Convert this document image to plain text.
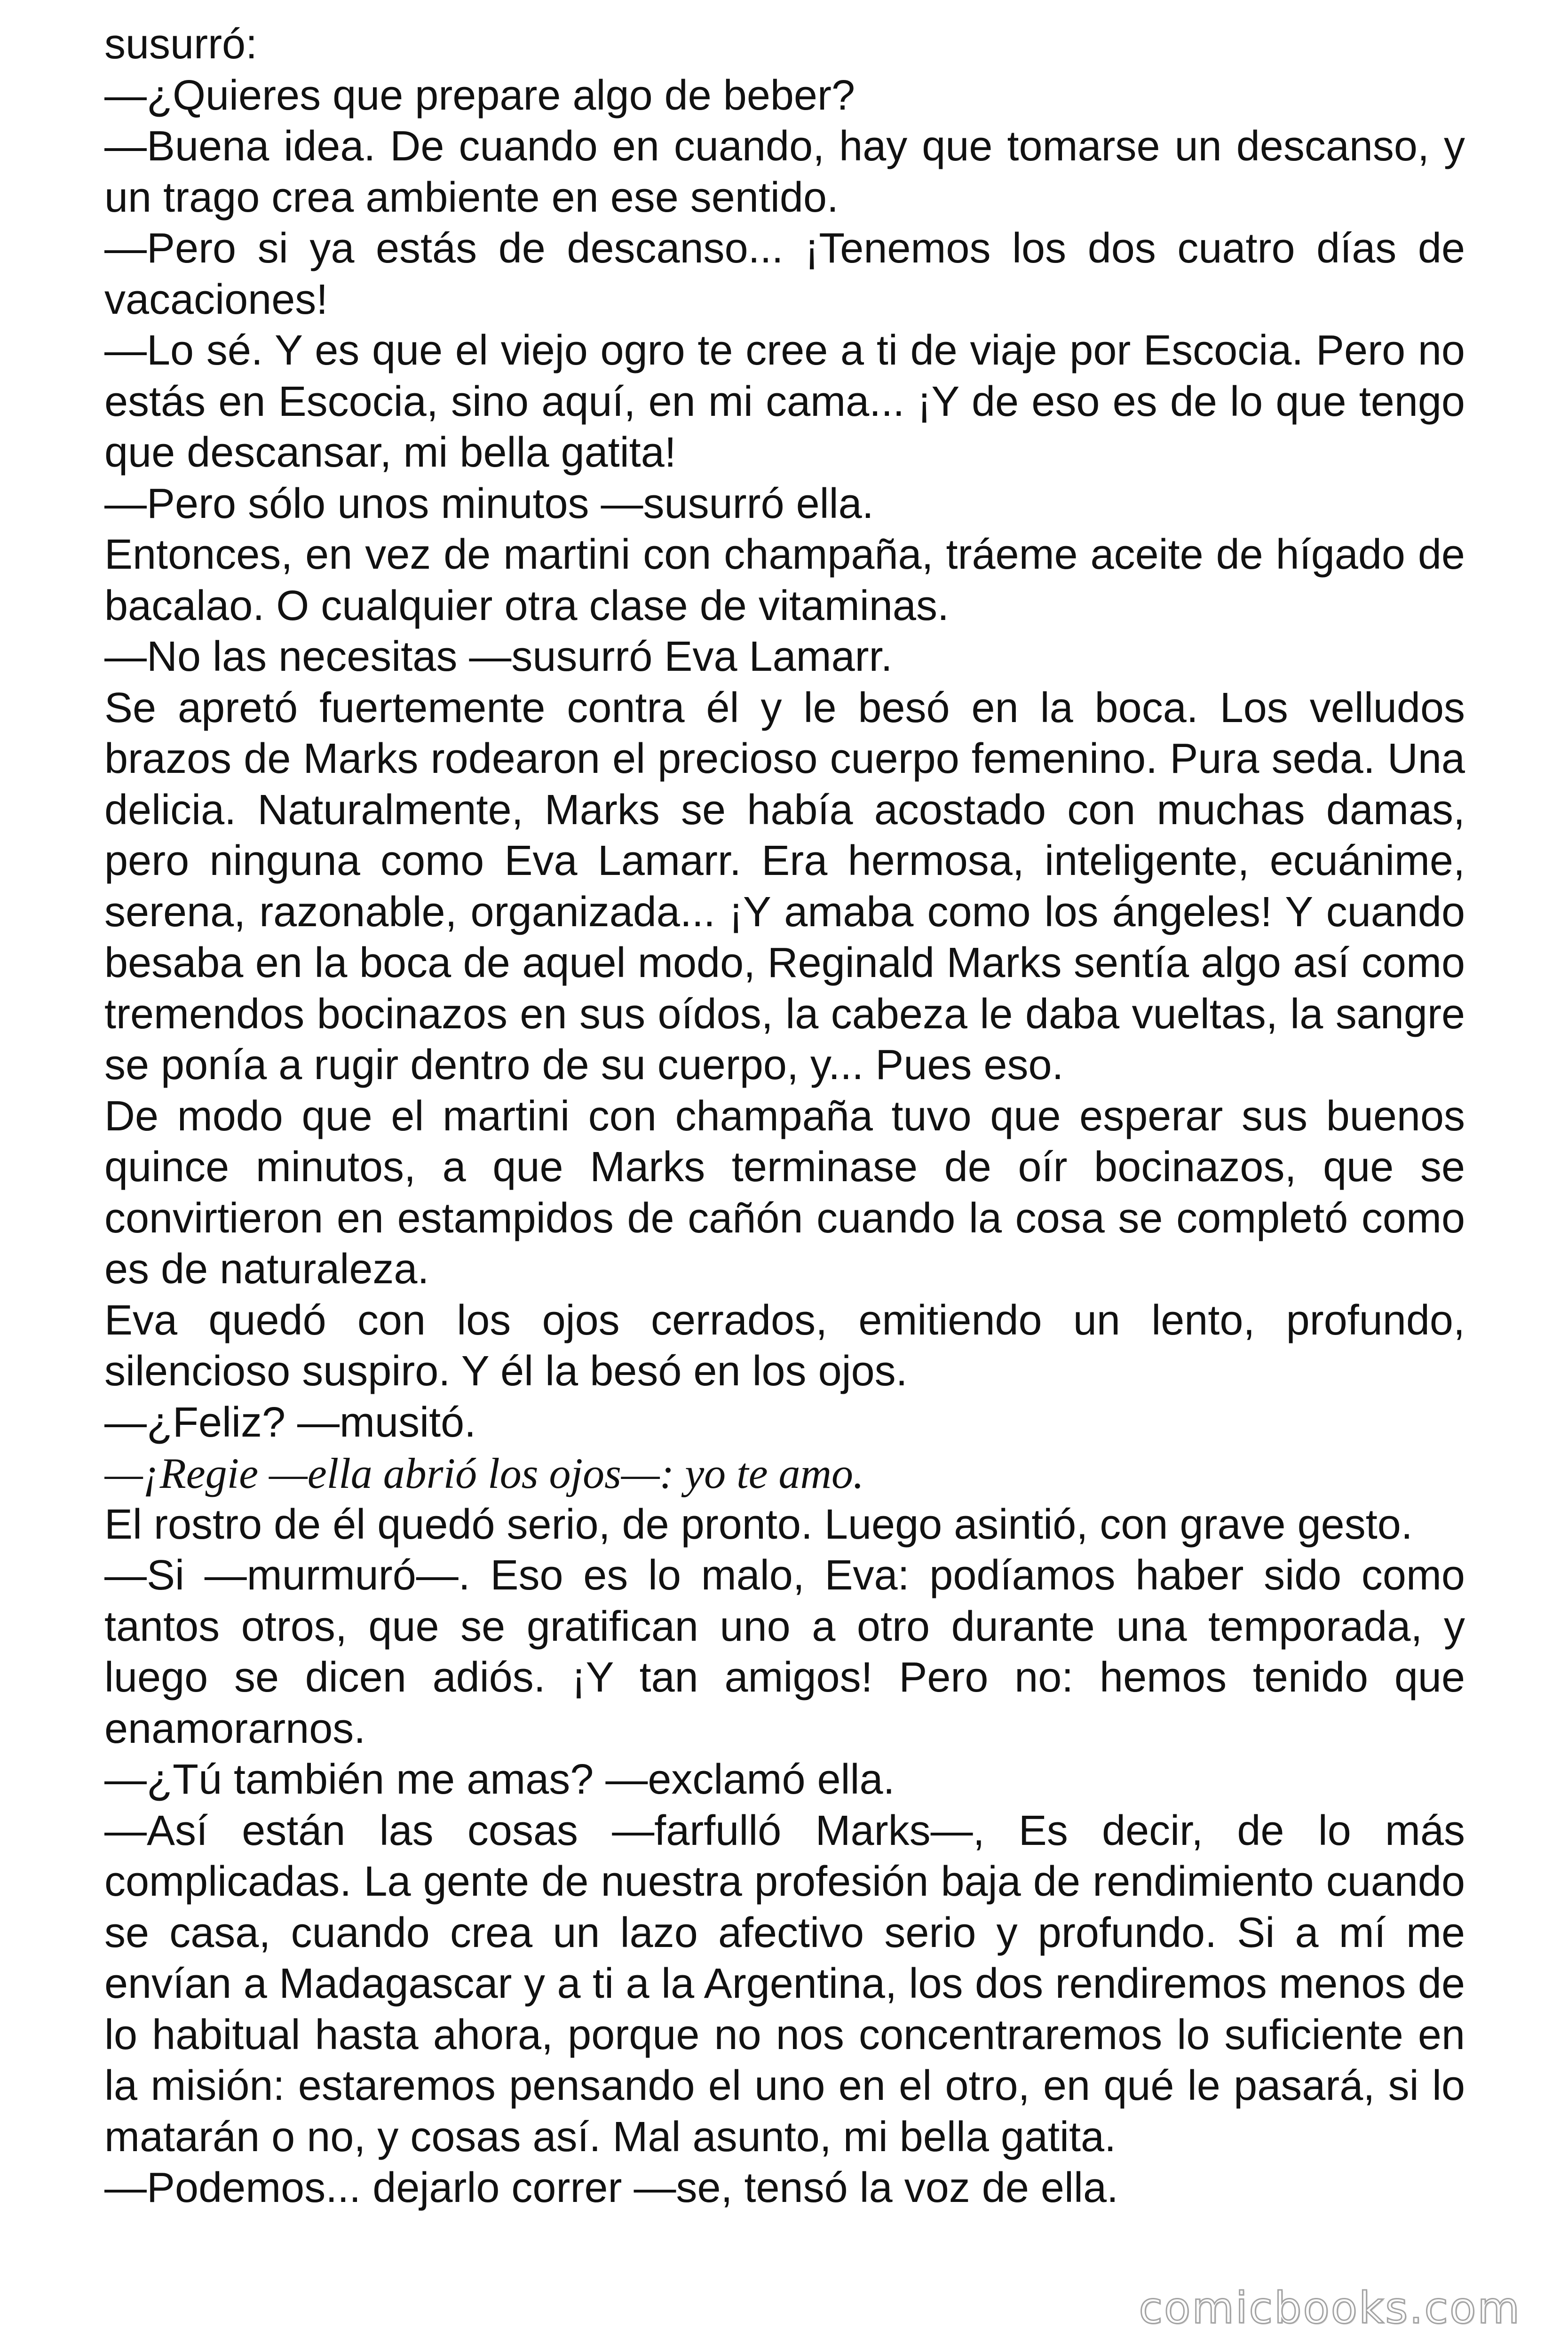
susurró:

—¿Quieres que prepare algo de beber?

—Buena idea. De cuando en cuando, hay que tomarse un descanso, y un trago crea ambiente en ese sentido.

—Pero si ya estás de descanso... ¡Tenemos los dos cuatro días de vacaciones!

—Lo sé. Y es que el viejo ogro te cree a ti de viaje por Escocia. Pero no estás en Escocia, sino aquí, en mi cama... ¡Y de eso es de lo que tengo que descansar, mi bella gatita!

—Pero sólo unos minutos —susurró ella.

Entonces, en vez de martini con champaña, tráeme aceite de hígado de bacalao. O cualquier otra clase de vitaminas.

—No las necesitas —susurró Eva Lamarr.

Se apretó fuertemente contra él y le besó en la boca. Los velludos brazos de Marks rodearon el precioso cuerpo femenino. Pura seda. Una delicia. Naturalmente, Marks se había acostado con muchas damas, pero ninguna como Eva Lamarr. Era hermosa, inteligente, ecuánime, serena, razonable, organizada... ¡Y amaba como los ángeles! Y cuando besaba en la boca de aquel modo, Reginald Marks sentía algo así como tremendos bocinazos en sus oídos, la cabeza le daba vueltas, la sangre se ponía a rugir dentro de su cuerpo, y... Pues eso.

De modo que el martini con champaña tuvo que esperar sus buenos quince minutos, a que Marks terminase de oír bocinazos, que se convirtieron en estampidos de cañón cuando la cosa se completó como es de naturaleza.

Eva quedó con los ojos cerrados, emitiendo un lento, profundo, silencioso suspiro. Y él la besó en los ojos.

—¿Feliz? —musitó.

—¡Regie —ella abrió los ojos—: yo te amo.

El rostro de él quedó serio, de pronto. Luego asintió, con grave gesto.

—Si —murmuró—. Eso es lo malo, Eva: podíamos haber sido como tantos otros, que se gratifican uno a otro durante una temporada, y luego se dicen adiós. ¡Y tan amigos! Pero no: hemos tenido que enamorarnos.

—¿Tú también me amas? —exclamó ella.

—Así están las cosas —farfulló Marks—, Es decir, de lo más complicadas. La gente de nuestra profesión baja de rendimiento cuando se casa, cuando crea un lazo afectivo serio y profundo. Si a mí me envían a Madagascar y a ti a la Argentina, los dos rendiremos menos de lo habitual hasta ahora, porque no nos concentraremos lo suficiente en la misión: estaremos pensando el uno en el otro, en qué le pasará, si lo matarán o no, y cosas así. Mal asunto, mi bella gatita.

—Podemos... dejarlo correr —se, tensó la voz de ella.

comicbooks.com
